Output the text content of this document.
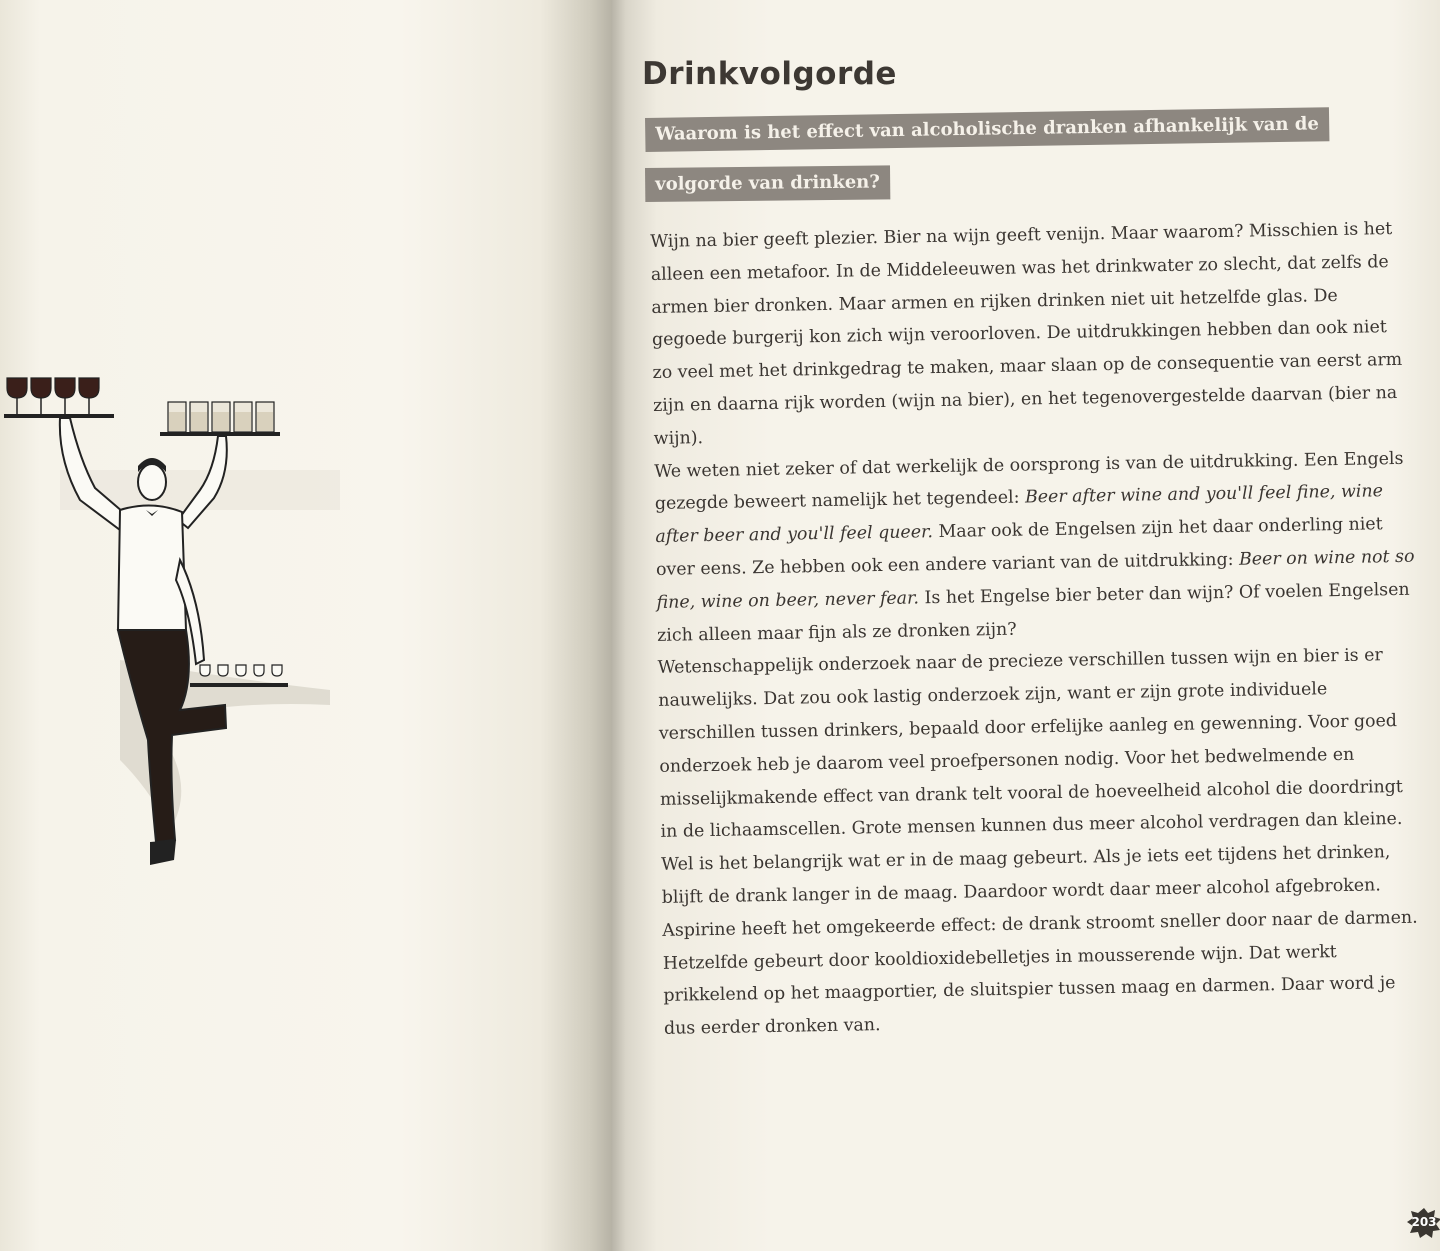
Drinkvolgorde
Waarom is het effect van alcoholische dranken afhankelijk van de
volgorde van drinken?

Wijn na bier geeft plezier. Bier na wijn geeft venijn. Maar waarom? Misschien is het alleen een metafoor. In de Middeleeuwen was het drinkwater zo slecht, dat zelfs de armen bier dronken. Maar armen en rijken drinken niet uit hetzelfde glas. De gegoede burgerij kon zich wijn veroorloven. De uitdrukkingen hebben dan ook niet zo veel met het drinkgedrag te maken, maar slaan op de consequentie van eerst arm zijn en daarna rijk worden (wijn na bier), en het tegenovergestelde daarvan (bier na wijn).

We weten niet zeker of dat werkelijk de oorsprong is van de uitdrukking. Een Engels gezegde beweert namelijk het tegendeel: Beer after wine and you'll feel fine, wine after beer and you'll feel queer. Maar ook de Engelsen zijn het daar onderling niet over eens. Ze hebben ook een andere variant van de uitdrukking: Beer on wine not so fine, wine on beer, never fear. Is het Engelse bier beter dan wijn? Of voelen Engelsen zich alleen maar fijn als ze dronken zijn?

Wetenschappelijk onderzoek naar de precieze verschillen tussen wijn en bier is er nauwelijks. Dat zou ook lastig onderzoek zijn, want er zijn grote individuele verschillen tussen drinkers, bepaald door erfelijke aanleg en gewenning. Voor goed onderzoek heb je daarom veel proefpersonen nodig. Voor het bedwelmende en misselijkmakende effect van drank telt vooral de hoeveelheid alcohol die doordringt in de lichaamscellen. Grote mensen kunnen dus meer alcohol verdragen dan kleine. Wel is het belangrijk wat er in de maag gebeurt. Als je iets eet tijdens het drinken, blijft de drank langer in de maag. Daardoor wordt daar meer alcohol afgebroken. Aspirine heeft het omgekeerde effect: de drank stroomt sneller door naar de darmen. Hetzelfde gebeurt door kooldioxidebelletjes in mousserende wijn. Dat werkt prikkelend op het maagportier, de sluitspier tussen maag en darmen. Daar word je dus eerder dronken van.

203
